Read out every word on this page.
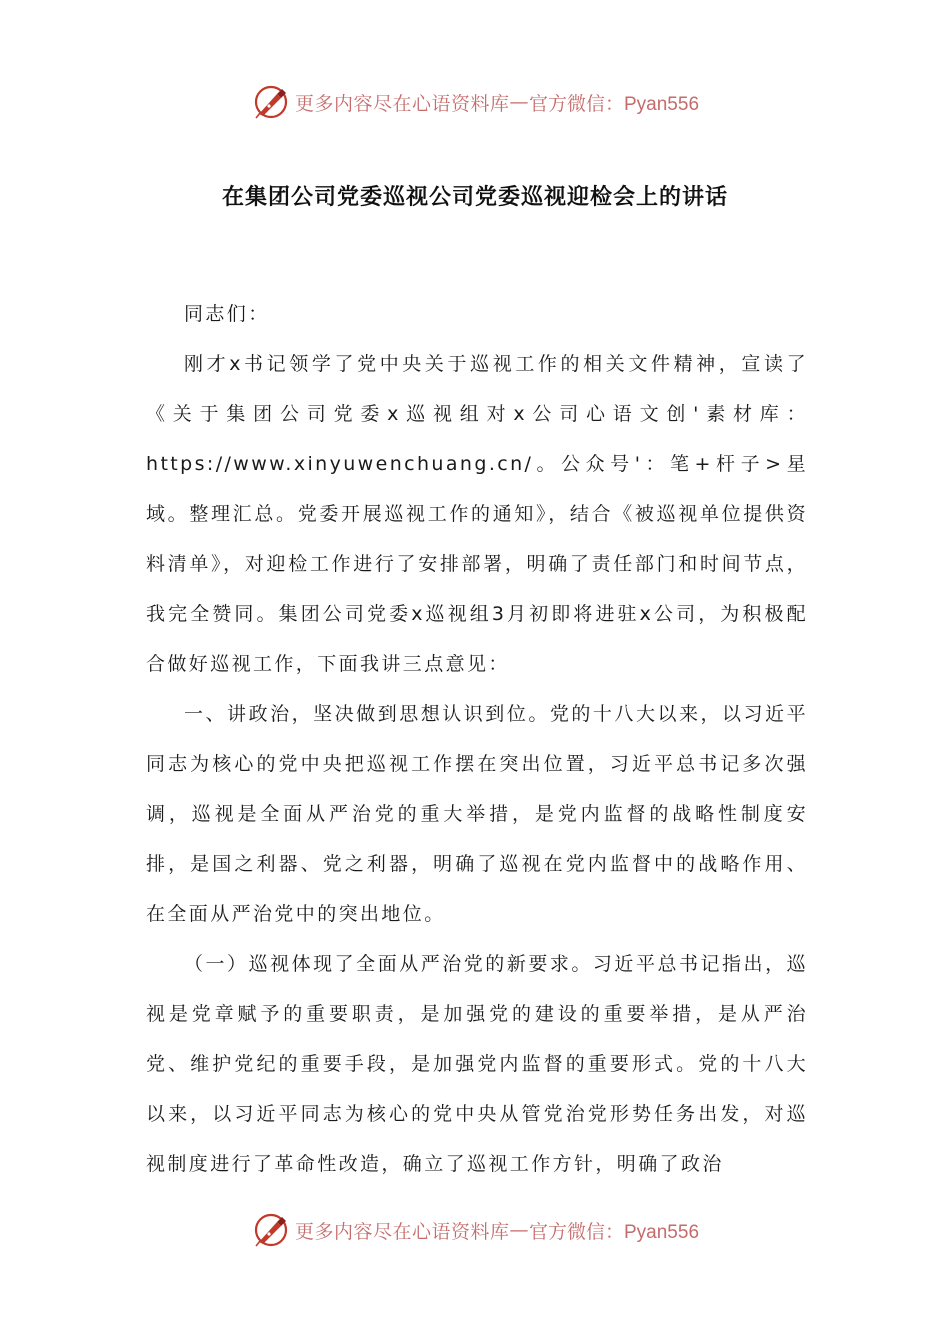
更多内容尽在心语资料库 — 官方微信：Pyan556
在集团公司党委巡视公司党委巡视迎检会上的讲话

同志们：

刚才x书记领学了党中央关于巡视工作的相关文件精神，宣读了《关于集团公司党委x巡视组对x公司心语文创'素材库：https://www.xinyuwenchuang.cn/。公众号'：笔+杆子>星域。整理汇总。党委开展巡视工作的通知》，结合《被巡视单位提供资料清单》，对迎检工作进行了安排部署，明确了责任部门和时间节点，我完全赞同。集团公司党委x巡视组3月初即将进驻x公司，为积极配合做好巡视工作，下面我讲三点意见：

一、讲政治，坚决做到思想认识到位。党的十八大以来，以习近平同志为核心的党中央把巡视工作摆在突出位置，习近平总书记多次强调，巡视是全面从严治党的重大举措，是党内监督的战略性制度安排，是国之利器、党之利器，明确了巡视在党内监督中的战略作用、在全面从严治党中的突出地位。

（一）巡视体现了全面从严治党的新要求。习近平总书记指出，巡视是党章赋予的重要职责，是加强党的建设的重要举措，是从严治党、维护党纪的重要手段，是加强党内监督的重要形式。党的十八大以来，以习近平同志为核心的党中央从管党治党形势任务出发，对巡视制度进行了革命性改造，确立了巡视工作方针，明确了政治

更多内容尽在心语资料库 — 官方微信：Pyan556
